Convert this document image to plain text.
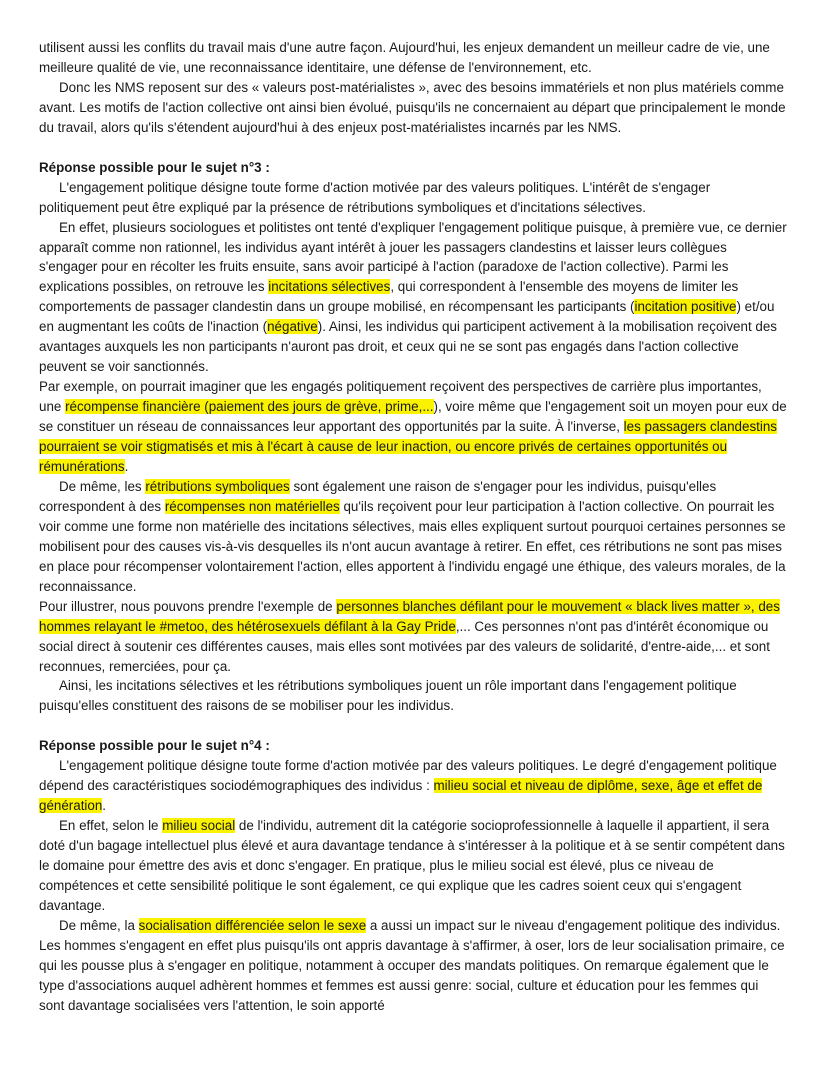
utilisent aussi les conflits du travail mais d'une autre façon. Aujourd'hui, les enjeux demandent un meilleur cadre de vie, une meilleure qualité de vie, une reconnaissance identitaire, une défense de l'environnement, etc.

Donc les NMS reposent sur des « valeurs post-matérialistes », avec des besoins immatériels et non plus matériels comme avant. Les motifs de l'action collective ont ainsi bien évolué, puisqu'ils ne concernaient au départ que principalement le monde du travail, alors qu'ils s'étendent aujourd'hui à des enjeux post-matérialistes incarnés par les NMS.

Réponse possible pour le sujet n°3 :

L'engagement politique désigne toute forme d'action motivée par des valeurs politiques. L'intérêt de s'engager politiquement peut être expliqué par la présence de rétributions symboliques et d'incitations sélectives.

En effet, plusieurs sociologues et politistes ont tenté d'expliquer l'engagement politique puisque, à première vue, ce dernier apparaît comme non rationnel, les individus ayant intérêt à jouer les passagers clandestins et laisser leurs collègues s'engager pour en récolter les fruits ensuite, sans avoir participé à l'action (paradoxe de l'action collective). Parmi les explications possibles, on retrouve les incitations sélectives, qui correspondent à l'ensemble des moyens de limiter les comportements de passager clandestin dans un groupe mobilisé, en récompensant les participants (incitation positive) et/ou en augmentant les coûts de l'inaction (négative). Ainsi, les individus qui participent activement à la mobilisation reçoivent des avantages auxquels les non participants n'auront pas droit, et ceux qui ne se sont pas engagés dans l'action collective peuvent se voir sanctionnés.

Par exemple, on pourrait imaginer que les engagés politiquement reçoivent des perspectives de carrière plus importantes, une récompense financière (paiement des jours de grève, prime,...), voire même que l'engagement soit un moyen pour eux de se constituer un réseau de connaissances leur apportant des opportunités par la suite. À l'inverse, les passagers clandestins pourraient se voir stigmatisés et mis à l'écart à cause de leur inaction, ou encore privés de certaines opportunités ou rémunérations.

De même, les rétributions symboliques sont également une raison de s'engager pour les individus, puisqu'elles correspondent à des récompenses non matérielles qu'ils reçoivent pour leur participation à l'action collective. On pourrait les voir comme une forme non matérielle des incitations sélectives, mais elles expliquent surtout pourquoi certaines personnes se mobilisent pour des causes vis-à-vis desquelles ils n'ont aucun avantage à retirer. En effet, ces rétributions ne sont pas mises en place pour récompenser volontairement l'action, elles apportent à l'individu engagé une éthique, des valeurs morales, de la reconnaissance.

Pour illustrer, nous pouvons prendre l'exemple de personnes blanches défilant pour le mouvement « black lives matter », des hommes relayant le #metoo, des hétérosexuels défilant à la Gay Pride,... Ces personnes n'ont pas d'intérêt économique ou social direct à soutenir ces différentes causes, mais elles sont motivées par des valeurs de solidarité, d'entre-aide,... et sont reconnues, remerciées, pour ça.

Ainsi, les incitations sélectives et les rétributions symboliques jouent un rôle important dans l'engagement politique puisqu'elles constituent des raisons de se mobiliser pour les individus.

Réponse possible pour le sujet n°4 :

L'engagement politique désigne toute forme d'action motivée par des valeurs politiques. Le degré d'engagement politique dépend des caractéristiques sociodémographiques des individus : milieu social et niveau de diplôme, sexe, âge et effet de génération.

En effet, selon le milieu social de l'individu, autrement dit la catégorie socioprofessionnelle à laquelle il appartient, il sera doté d'un bagage intellectuel plus élevé et aura davantage tendance à s'intéresser à la politique et à se sentir compétent dans le domaine pour émettre des avis et donc s'engager. En pratique, plus le milieu social est élevé, plus ce niveau de compétences et cette sensibilité politique le sont également, ce qui explique que les cadres soient ceux qui s'engagent davantage.

De même, la socialisation différenciée selon le sexe a aussi un impact sur le niveau d'engagement politique des individus. Les hommes s'engagent en effet plus puisqu'ils ont appris davantage à s'affirmer, à oser, lors de leur socialisation primaire, ce qui les pousse plus à s'engager en politique, notamment à occuper des mandats politiques. On remarque également que le type d'associations auquel adhèrent hommes et femmes est aussi genre: social, culture et éducation pour les femmes qui sont davantage socialisées vers l'attention, le soin apporté
